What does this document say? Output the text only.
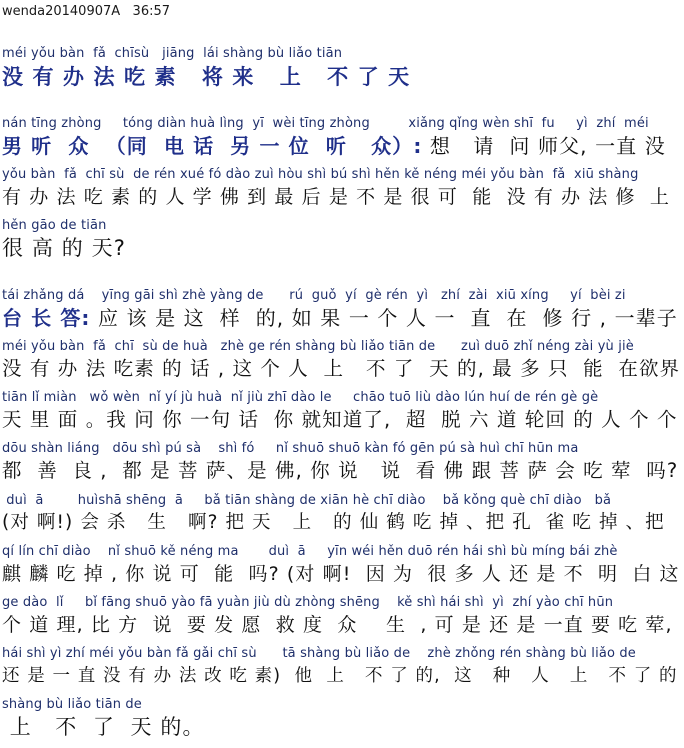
wenda20140907A   36:57
méi yǒu bàn  fǎ  chīsù   jiāng  lái shàng bù liǎo tiān
没 有 办 法 吃 素   将 来   上   不 了 天
nán tīng zhòng     tóng diàn huà lìng  yī  wèi tīng zhòng         xiǎng qǐng wèn shī  fu     yì  zhí  méi
男 听  众  （同  电 话  另 一 位  听   众）: 想   请  问 师父, 一直 没
yǒu bàn  fǎ  chī sù  de rén xué fó dào zuì hòu shì bú shì hěn kě néng méi yǒu bàn  fǎ  xiū shàng
有 办 法 吃 素 的 人 学 佛 到 最 后 是 不 是 很 可  能  没 有 办 法 修  上
hěn gāo de tiān
很 高 的 天?
tái zhǎng dá    yīng gāi shì zhè yàng de      rú  guǒ  yí  gè rén  yì   zhí  zài  xiū xíng     yí  bèi zi
台 长 答: 应 该 是 这  样  的, 如 果 一 个 人 一  直  在  修 行 , 一辈子
méi yǒu bàn  fǎ  chī  sù de huà   zhè ge rén shàng bù liǎo tiān de      zuì duō zhǐ néng zài yù jiè
没 有 办 法 吃素 的 话 , 这 个 人  上   不 了  天 的, 最 多 只  能  在欲界
tiān lǐ miàn   wǒ wèn  nǐ yí jù huà  nǐ jiù zhī dào le     chāo tuō liù dào lún huí de rén gè gè
天 里 面 。我 问 你 一句 话  你 就知道了,  超  脱 六 道 轮回 的 人 个 个
dōu shàn liáng   dōu shì pú sà    shì fó     nǐ shuō shuō kàn fó gēn pú sà huì chī hūn ma
都  善  良 ,  都 是 菩 萨、是 佛, 你 说   说  看 佛 跟 菩 萨 会 吃 荤  吗?
duì  ā        huìshā shēng  ā     bǎ tiān shàng de xiān hè chī diào    bǎ kǒng què chī diào   bǎ
(对 啊!) 会 杀   生   啊? 把 天   上   的 仙 鹤 吃 掉 、把 孔  雀 吃 掉 、把
qí lín chī diào    nǐ shuō kě néng ma       duì  ā     yīn wéi hěn duō rén hái shì bù míng bái zhè
麒 麟 吃 掉 , 你 说 可  能  吗? (对 啊!  因 为  很 多 人 还 是 不  明  白 这
ge dào  lǐ     bǐ fāng shuō yào fā yuàn jiù dù zhòng shēng    kě shì hái shì  yì  zhí yào chī hūn
个 道 理, 比 方  说  要 发 愿  救 度  众    生  , 可 是 还 是 一直 要 吃 荤,
hái shì yì zhí méi yǒu bàn fǎ gǎi chī sù      tā shàng bù liǎo de    zhè zhǒng rén shàng bù liǎo de
还 是 一 直 没 有 办 法 改 吃 素)  他  上   不 了 的,  这   种   人   上   不 了 的
shàng bù liǎo tiān de
上   不  了  天 的。
